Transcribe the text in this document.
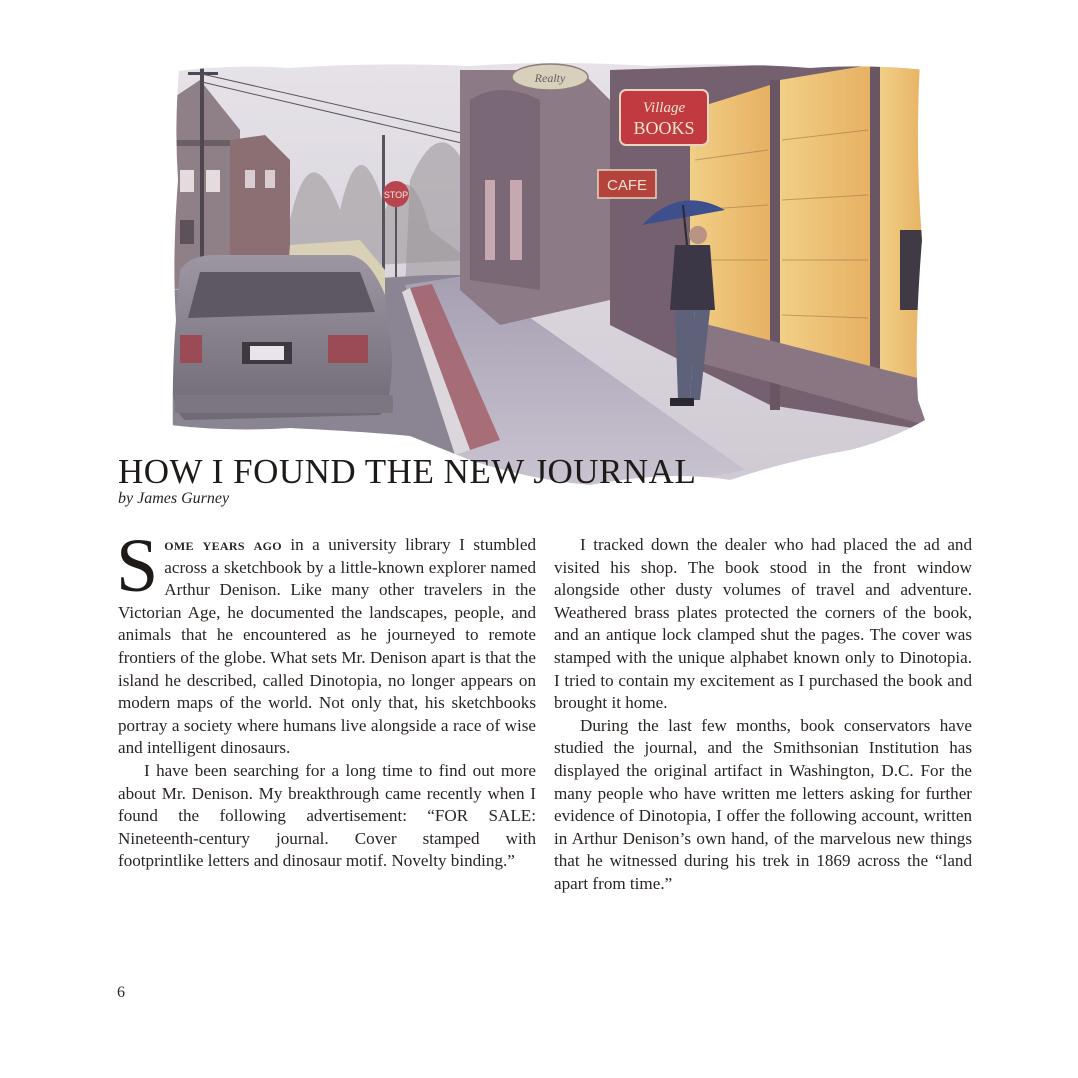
STOP
Realty
Village
BOOKS
CAFE
HOW I FOUND THE NEW JOURNAL
by James Gurney

Some years ago in a university library I stumbled across a sketchbook by a little-known explorer named Arthur Denison. Like many other travelers in the Victorian Age, he documented the landscapes, people, and animals that he encountered as he journeyed to remote frontiers of the globe. What sets Mr. Denison apart is that the island he described, called Dinotopia, no longer appears on modern maps of the world. Not only that, his sketchbooks portray a society where humans live alongside a race of wise and intelligent dinosaurs.

I have been searching for a long time to find out more about Mr. Denison. My breakthrough came recently when I found the following advertisement: “FOR SALE: Nineteenth-century journal. Cover stamped with footprintlike letters and dinosaur motif. Novelty binding.”

I tracked down the dealer who had placed the ad and visited his shop. The book stood in the front window alongside other dusty volumes of travel and adventure. Weathered brass plates protected the corners of the book, and an antique lock clamped shut the pages. The cover was stamped with the unique alphabet known only to Dinotopia. I tried to contain my excitement as I purchased the book and brought it home.

During the last few months, book conservators have studied the journal, and the Smithsonian Institution has displayed the original artifact in Washington, D.C. For the many people who have written me letters asking for further evidence of Dinotopia, I offer the following account, written in Arthur Denison’s own hand, of the marvelous new things that he witnessed during his trek in 1869 across the “land apart from time.”

6
